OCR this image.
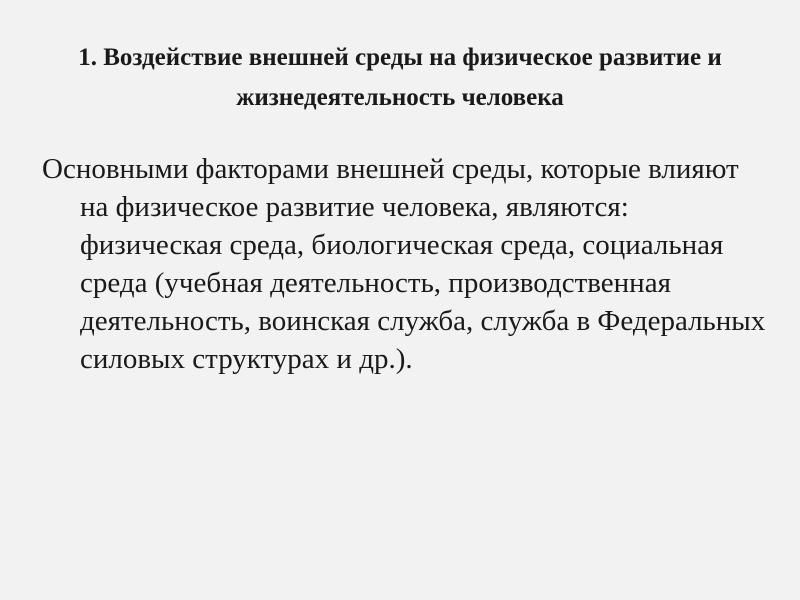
1. Воздействие внешней среды на физическое развитие и жизнедеятельность человека

Основными факторами внешней среды, которые влияют на физическое развитие человека, являются: физическая среда, биологическая среда, социальная среда (учебная деятельность, производственная деятельность, воинская служба, служба в Федеральных силовых структурах и др.).
